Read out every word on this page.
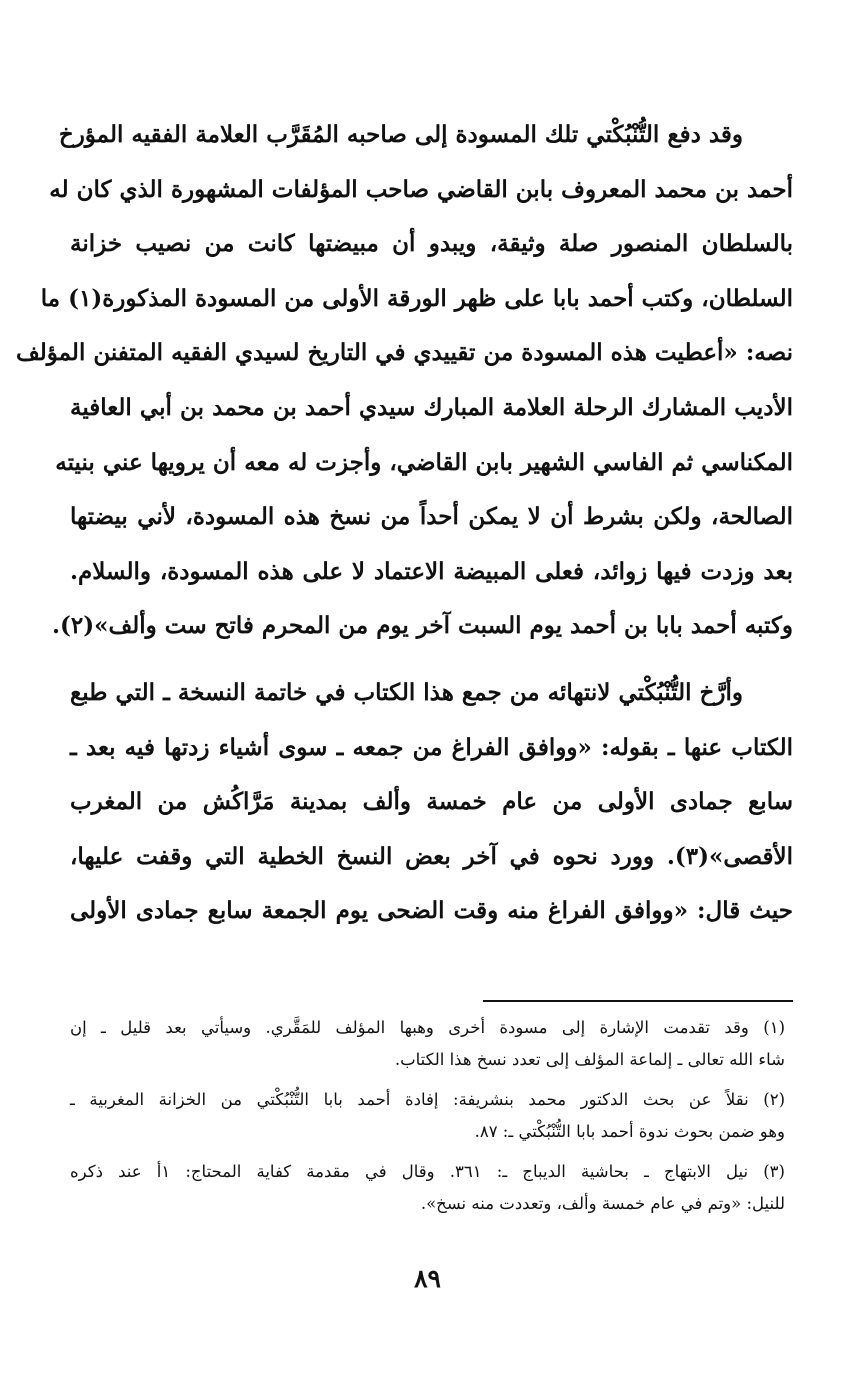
وقد دفع التُّنْبُكْتي تلك المسودة إلى صاحبه المُقَرَّب العلامة الفقيه المؤرخ
أحمد بن محمد المعروف بابن القاضي صاحب المؤلفات المشهورة الذي كان له
بالسلطان المنصور صلة وثيقة، ويبدو أن مبيضتها كانت من نصيب خزانة
السلطان، وكتب أحمد بابا على ظهر الورقة الأولى من المسودة المذكورة(١) ما
نصه: «أعطيت هذه المسودة من تقييدي في التاريخ لسيدي الفقيه المتفنن المؤلف
الأديب المشارك الرحلة العلامة المبارك سيدي أحمد بن محمد بن أبي العافية
المكناسي ثم الفاسي الشهير بابن القاضي، وأجزت له معه أن يرويها عني بنيته
الصالحة، ولكن بشرط أن لا يمكن أحداً من نسخ هذه المسودة، لأني بيضتها
بعد وزدت فيها زوائد، فعلى المبيضة الاعتماد لا على هذه المسودة، والسلام.
وكتبه أحمد بابا بن أحمد يوم السبت آخر يوم من المحرم فاتح ست وألف»(٢).
وأرَّخ التُّنْبُكْتي لانتهائه من جمع هذا الكتاب في خاتمة النسخة ـ التي طبع
الكتاب عنها ـ بقوله: «ووافق الفراغ من جمعه ـ سوى أشياء زدتها فيه بعد ـ
سابع جمادى الأولى من عام خمسة وألف بمدينة مَرَّاكُش من المغرب
الأقصى»(٣). وورد نحوه في آخر بعض النسخ الخطية التي وقفت عليها،
حيث قال: «ووافق الفراغ منه وقت الضحى يوم الجمعة سابع جمادى الأولى
(١) وقد تقدمت الإشارة إلى مسودة أخرى وهبها المؤلف للمَقَّري. وسيأتي بعد قليل ـ إن
شاء الله تعالى ـ إلماعة المؤلف إلى تعدد نسخ هذا الكتاب.
(٢) نقلاً عن بحث الدكتور محمد بنشريفة: إفادة أحمد بابا التُّنْبُكْتي من الخزانة المغربية ـ
وهو ضمن بحوث ندوة أحمد بابا التُّنْبُكْتي ـ: ٨٧.
(٣) نيل الابتهاج ـ بحاشية الديباج ـ: ٣٦١. وقال في مقدمة كفاية المحتاج: ١أ عند ذكره
للنيل: «وتم في عام خمسة وألف، وتعددت منه نسخ».
٨٩
